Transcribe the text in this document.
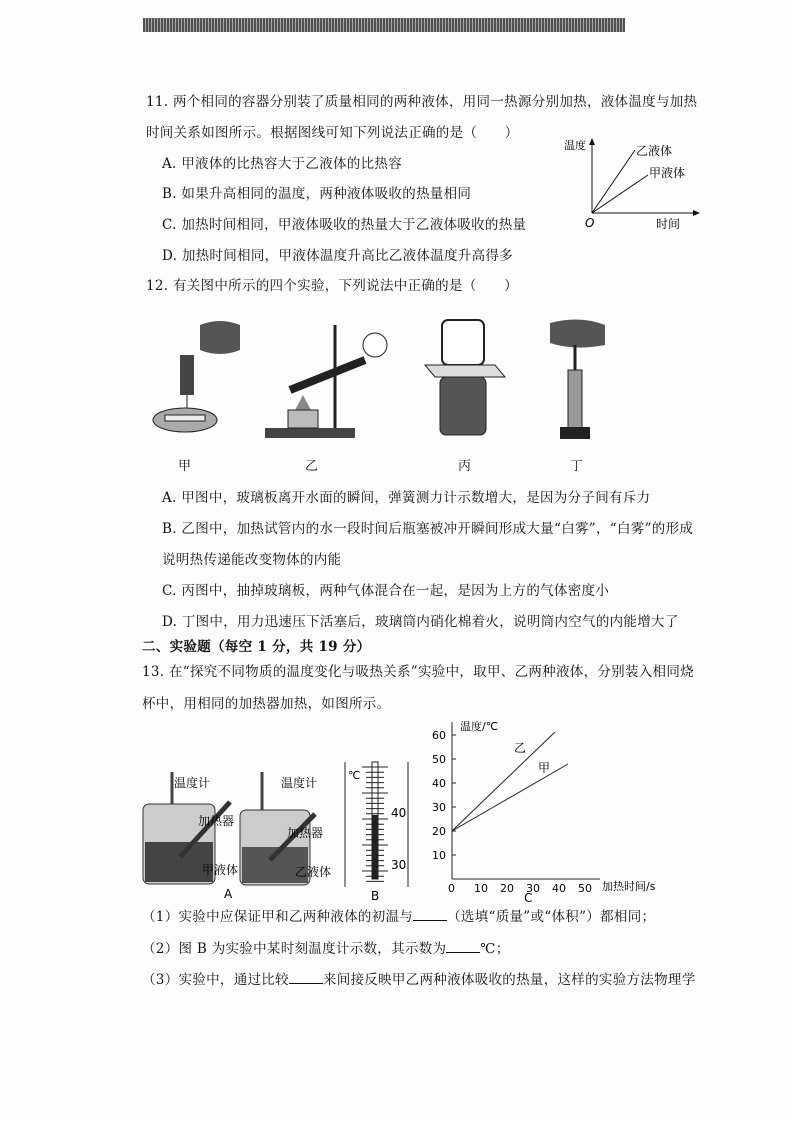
11. 两个相同的容器分别装了质量相同的两种液体，用同一热源分别加热，液体温度与加热
时间关系如图所示。根据图线可知下列说法正确的是（　　）
A. 甲液体的比热容大于乙液体的比热容
B. 如果升高相同的温度，两种液体吸收的热量相同
C. 加热时间相同，甲液体吸收的热量大于乙液体吸收的热量
D. 加热时间相同，甲液体温度升高比乙液体温度升高得多
温度	乙液体
甲液体
O	时间
12. 有关图中所示的四个实验，下列说法中正确的是（　　）
甲	乙	丙	丁
A. 甲图中，玻璃板离开水面的瞬间，弹簧测力计示数增大，是因为分子间有斥力
B. 乙图中，加热试管内的水一段时间后瓶塞被冲开瞬间形成大量“白雾”，“白雾”的形成
说明热传递能改变物体的内能
C. 丙图中，抽掉玻璃板，两种气体混合在一起，是因为上方的气体密度小
D. 丁图中，用力迅速压下活塞后，玻璃筒内硝化棉着火，说明筒内空气的内能增大了
二、实验题（每空 1 分，共 19 分）
13. 在“探究不同物质的温度变化与吸热关系”实验中，取甲、乙两种液体，分别装入相同烧
杯中，用相同的加热器加热，如图所示。
温度计	温度计
加热器
加热器
甲液体	乙液体
A
℃
40
30
B
温度/℃
乙
甲
加热时间/s
C
10
20
30
40
50
60
0 10 20 30 40 50
（1）实验中应保证甲和乙两种液体的初温与	（选填“质量”或“体积”）都相同；
（2）图 B 为实验中某时刻温度计示数，其示数为	℃；
（3）实验中，通过比较	来间接反映甲乙两种液体吸收的热量，这样的实验方法物理学
